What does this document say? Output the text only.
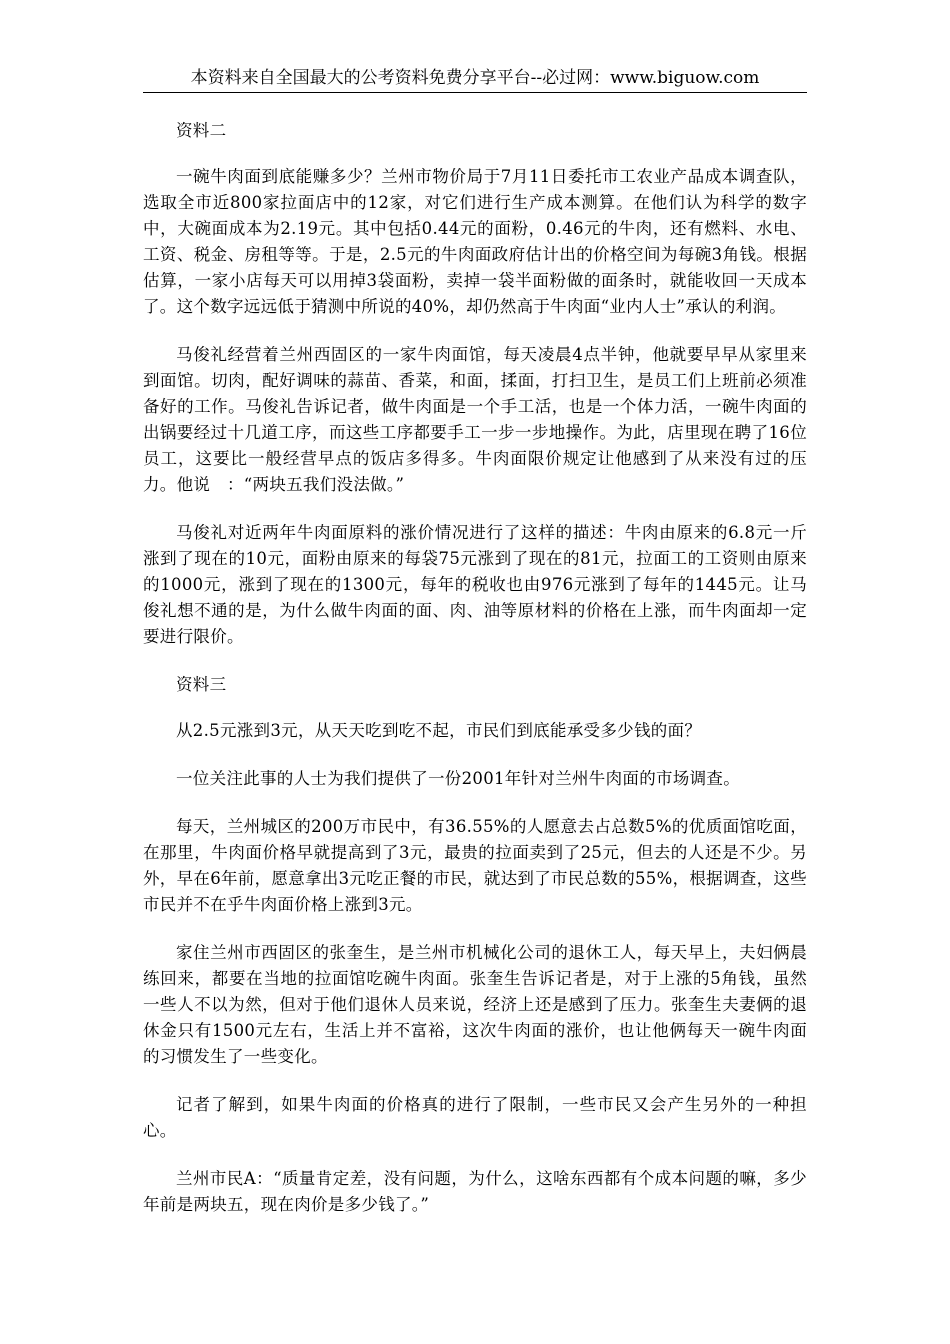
本资料来自全国最大的公考资料免费分享平台--必过网：www.biguow.com

资料二

一碗牛肉面到底能赚多少？兰州市物价局于7月11日委托市工农业产品成本调查队，选取全市近800家拉面店中的12家，对它们进行生产成本测算。在他们认为科学的数字中，大碗面成本为2.19元。其中包括0.44元的面粉，0.46元的牛肉，还有燃料、水电、工资、税金、房租等等。于是，2.5元的牛肉面政府估计出的价格空间为每碗3角钱。根据估算，一家小店每天可以用掉3袋面粉，卖掉一袋半面粉做的面条时，就能收回一天成本了。这个数字远远低于猜测中所说的40%，却仍然高于牛肉面“业内人士”承认的利润。

马俊礼经营着兰州西固区的一家牛肉面馆，每天凌晨4点半钟，他就要早早从家里来到面馆。切肉，配好调味的蒜苗、香菜，和面，揉面，打扫卫生，是员工们上班前必须准备好的工作。马俊礼告诉记者，做牛肉面是一个手工活，也是一个体力活，一碗牛肉面的出锅要经过十几道工序，而这些工序都要手工一步一步地操作。为此，店里现在聘了16位员工，这要比一般经营早点的饭店多得多。牛肉面限价规定让他感到了从来没有过的压力。他说　：“两块五我们没法做。”

马俊礼对近两年牛肉面原料的涨价情况进行了这样的描述：牛肉由原来的6.8元一斤涨到了现在的10元，面粉由原来的每袋75元涨到了现在的81元，拉面工的工资则由原来的1000元，涨到了现在的1300元，每年的税收也由976元涨到了每年的1445元。让马俊礼想不通的是，为什么做牛肉面的面、肉、油等原材料的价格在上涨，而牛肉面却一定要进行限价。

资料三

从2.5元涨到3元，从天天吃到吃不起，市民们到底能承受多少钱的面？

一位关注此事的人士为我们提供了一份2001年针对兰州牛肉面的市场调查。

每天，兰州城区的200万市民中，有36.55%的人愿意去占总数5%的优质面馆吃面，在那里，牛肉面价格早就提高到了3元，最贵的拉面卖到了25元，但去的人还是不少。另外，早在6年前，愿意拿出3元吃正餐的市民，就达到了市民总数的55%，根据调查，这些市民并不在乎牛肉面价格上涨到3元。

家住兰州市西固区的张奎生，是兰州市机械化公司的退休工人，每天早上，夫妇俩晨练回来，都要在当地的拉面馆吃碗牛肉面。张奎生告诉记者是，对于上涨的5角钱，虽然一些人不以为然，但对于他们退休人员来说，经济上还是感到了压力。张奎生夫妻俩的退休金只有1500元左右，生活上并不富裕，这次牛肉面的涨价，也让他俩每天一碗牛肉面的习惯发生了一些变化。

记者了解到，如果牛肉面的价格真的进行了限制，一些市民又会产生另外的一种担心。

兰州市民A：“质量肯定差，没有问题，为什么，这啥东西都有个成本问题的嘛，多少年前是两块五，现在肉价是多少钱了。”
